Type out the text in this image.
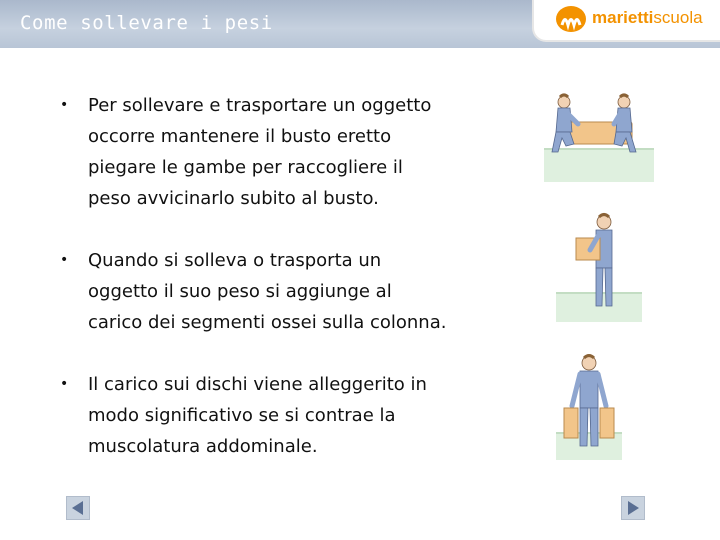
Come sollevare i pesi	mariettiscuola
• Per sollevare e trasportare un oggetto
occorre mantenere il busto eretto
piegare le gambe per raccogliere il
peso avvicinarlo subito al busto.
• Quando si solleva o trasporta un
oggetto il suo peso si aggiunge al
carico dei segmenti ossei sulla colonna.
• Il carico sui dischi viene alleggerito in
modo significativo se si contrae la
muscolatura addominale.
